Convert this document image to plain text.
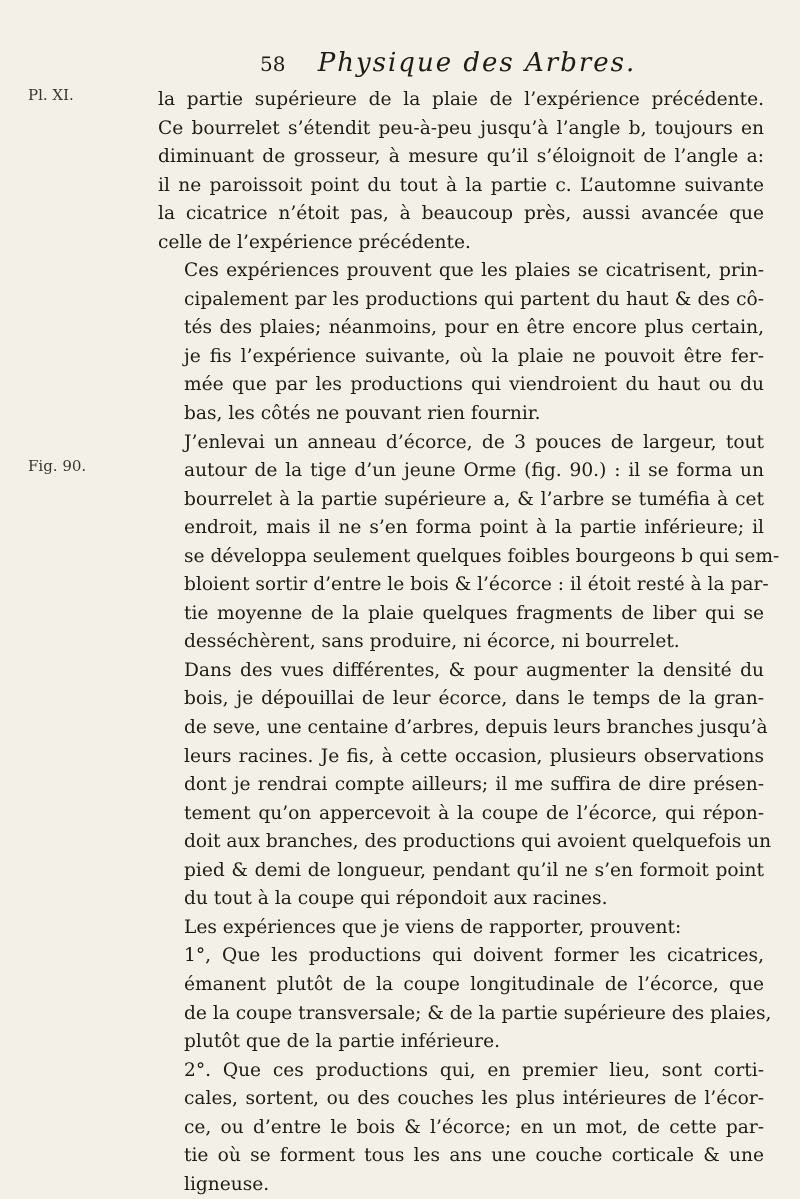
58 Physique des Arbres.
Pl. XI.
Fig. 90.

la partie supérieure de la plaie de l’expérience précédente.
Ce bourrelet s’étendit peu-à-peu jusqu’à l’angle b, toujours en
diminuant de grosseur, à mesure qu’il s’éloignoit de l’angle a:
il ne paroissoit point du tout à la partie c. L’automne suivante
la cicatrice n’étoit pas, à beaucoup près, aussi avancée que
celle de l’expérience précédente.

Ces expériences prouvent que les plaies se cicatrisent, prin-
cipalement par les productions qui partent du haut & des cô-
tés des plaies; néanmoins, pour en être encore plus certain,
je fis l’expérience suivante, où la plaie ne pouvoit être fer-
mée que par les productions qui viendroient du haut ou du
bas, les côtés ne pouvant rien fournir.

J’enlevai un anneau d’écorce, de 3 pouces de largeur, tout
autour de la tige d’un jeune Orme (fig. 90.) : il se forma un
bourrelet à la partie supérieure a, & l’arbre se tuméfia à cet
endroit, mais il ne s’en forma point à la partie inférieure; il
se développa seulement quelques foibles bourgeons b qui sem-
bloient sortir d’entre le bois & l’écorce : il étoit resté à la par-
tie moyenne de la plaie quelques fragments de liber qui se
desséchèrent, sans produire, ni écorce, ni bourrelet.

Dans des vues différentes, & pour augmenter la densité du
bois, je dépouillai de leur écorce, dans le temps de la gran-
de seve, une centaine d’arbres, depuis leurs branches jusqu’à
leurs racines. Je fis, à cette occasion, plusieurs observations
dont je rendrai compte ailleurs; il me suffira de dire présen-
tement qu’on appercevoit à la coupe de l’écorce, qui répon-
doit aux branches, des productions qui avoient quelquefois un
pied & demi de longueur, pendant qu’il ne s’en formoit point
du tout à la coupe qui répondoit aux racines.

Les expériences que je viens de rapporter, prouvent:

1°, Que les productions qui doivent former les cicatrices,
émanent plutôt de la coupe longitudinale de l’écorce, que
de la coupe transversale; & de la partie supérieure des plaies,
plutôt que de la partie inférieure.

2°. Que ces productions qui, en premier lieu, sont corti-
cales, sortent, ou des couches les plus intérieures de l’écor-
ce, ou d’entre le bois & l’écorce; en un mot, de cette par-
tie où se forment tous les ans une couche corticale & une
ligneuse.
